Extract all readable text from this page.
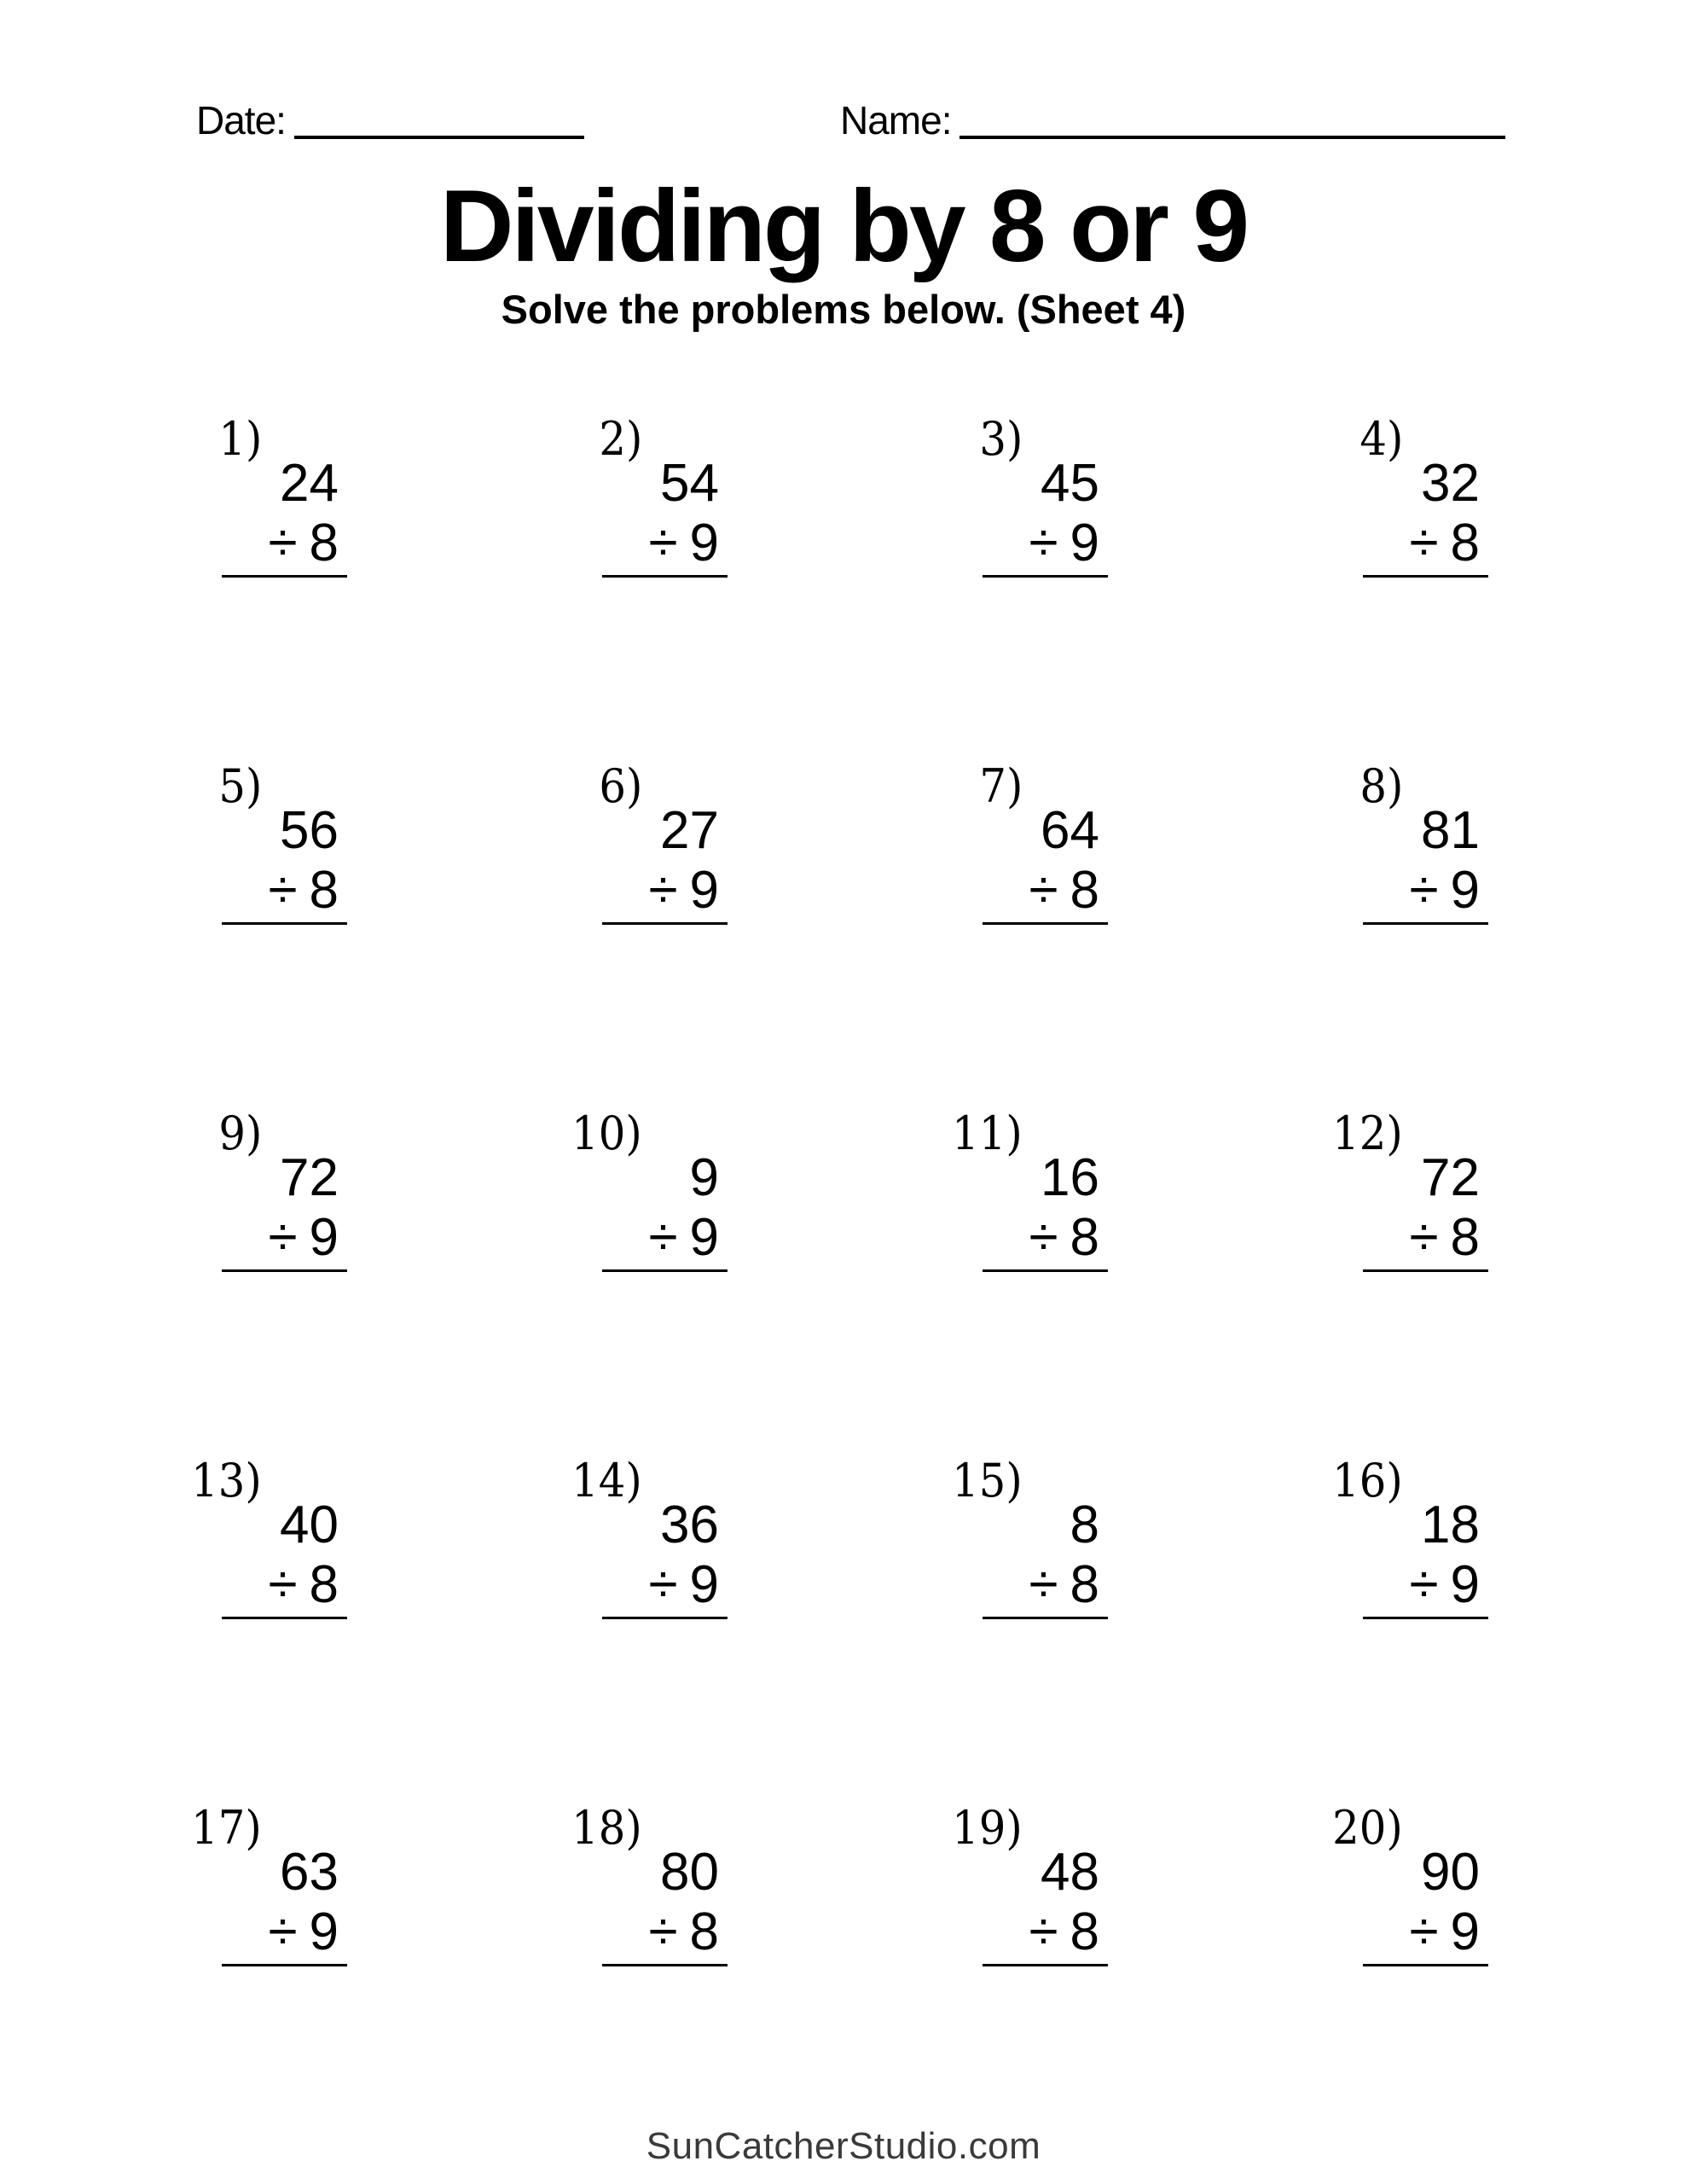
Date:	Name:
Dividing by 8 or 9
Solve the problems below. (Sheet 4)
1)
24
÷ 8
2)
54
÷ 9
3)
45
÷ 9
4)
32
÷ 8
5)
56
÷ 8
6)
27
÷ 9
7)
64
÷ 8
8)
81
÷ 9
9)
72
÷ 9
10)
9
÷ 9
11)
16
÷ 8
12)
72
÷ 8
13)
40
÷ 8
14)
36
÷ 9
15)
8
÷ 8
16)
18
÷ 9
17)
63
÷ 9
18)
80
÷ 8
19)
48
÷ 8
20)
90
÷ 9
SunCatcherStudio.com
